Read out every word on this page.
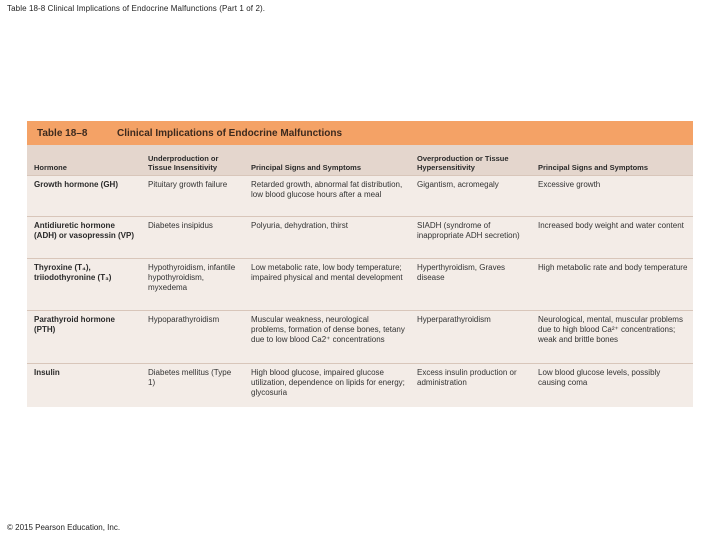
Table 18-8 Clinical Implications of Endocrine Malfunctions (Part 1 of 2).
Table 18–8	Clinical Implications of Endocrine Malfunctions
Hormone	Underproduction or Tissue Insensitivity	Principal Signs and Symptoms	Overproduction or Tissue Hypersensitivity	Principal Signs and Symptoms
Growth hormone (GH)	Pituitary growth failure	Retarded growth, abnormal fat distribution, low blood glucose hours after a meal	Gigantism, acromegaly	Excessive growth
Antidiuretic hormone (ADH) or vasopressin (VP)	Diabetes insipidus	Polyuria, dehydration, thirst	SIADH (syndrome of inappropriate ADH secretion)	Increased body weight and water content
Thyroxine (T₄), triiodothyronine (T₃)	Hypothyroidism, infantile hypothyroidism, myxedema	Low metabolic rate, low body temperature; impaired physical and mental development	Hyperthyroidism, Graves disease	High metabolic rate and body temperature
Parathyroid hormone (PTH)	Hypoparathyroidism	Muscular weakness, neurological problems, formation of dense bones, tetany due to low blood Ca2⁺ concentrations	Hyperparathyroidism	Neurological, mental, muscular problems due to high blood Ca²⁺ concentrations; weak and brittle bones
Insulin	Diabetes mellitus (Type 1)	High blood glucose, impaired glucose utilization, dependence on lipids for energy; glycosuria	Excess insulin production or administration	Low blood glucose levels, possibly causing coma
© 2015 Pearson Education, Inc.
